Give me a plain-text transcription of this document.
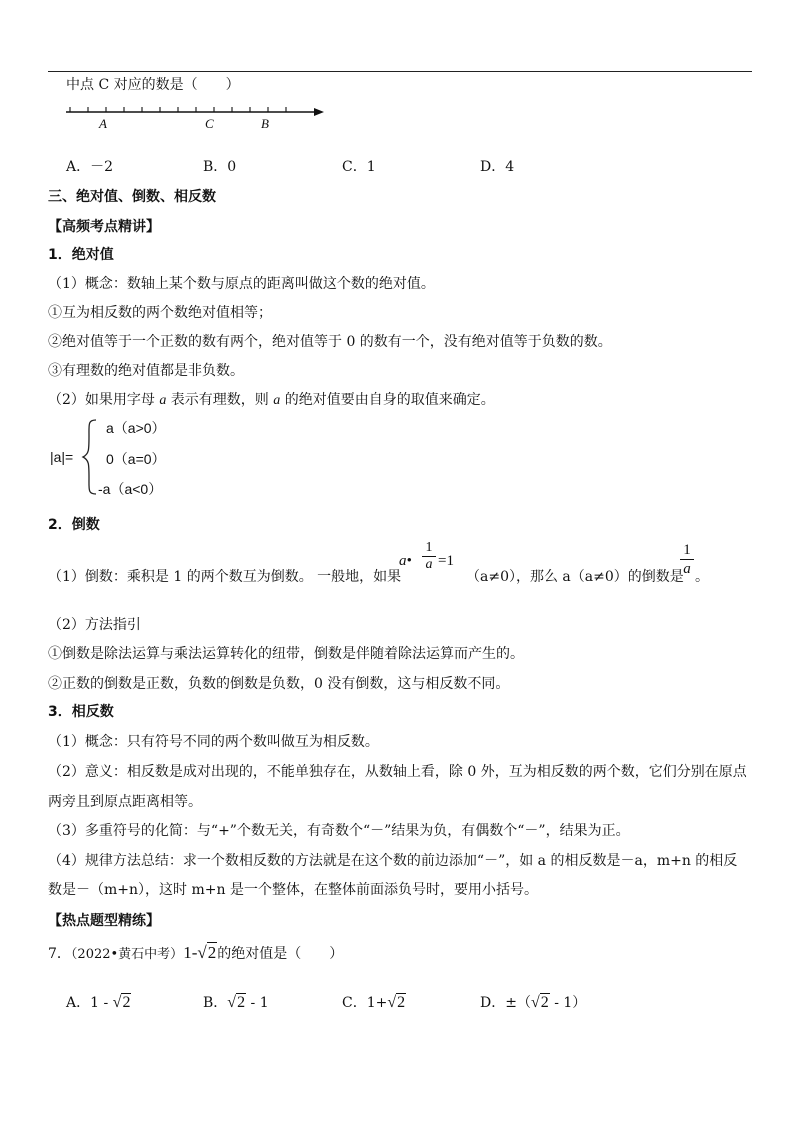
中点 C 对应的数是（　　）
A	C	B
A．－2	B．0	C．1	D．4
三、绝对值、倒数、相反数
【高频考点精讲】
1．绝对值
（1）概念：数轴上某个数与原点的距离叫做这个数的绝对值。
①互为相反数的两个数绝对值相等；
②绝对值等于一个正数的数有两个，绝对值等于 0 的数有一个，没有绝对值等于负数的数。
③有理数的绝对值都是非负数。
（2）如果用字母 a 表示有理数，则 a 的绝对值要由自身的取值来确定。
|a|=
a（a>0）
0（a=0）
-a（a<0）
2．倒数
（1）倒数：乘积是 1 的两个数互为倒数。 一般地，如果
a• $\frac{1}{a} =1$
（a≠0），那么 a（a≠0）的倒数是
$\frac{1}{a}$ 。
（2）方法指引
①倒数是除法运算与乘法运算转化的纽带，倒数是伴随着除法运算而产生的。
②正数的倒数是正数，负数的倒数是负数，0 没有倒数，这与相反数不同。
3．相反数
（1）概念：只有符号不同的两个数叫做互为相反数。
（2）意义：相反数是成对出现的，不能单独存在，从数轴上看，除 0 外，互为相反数的两个数，它们分别在原点
两旁且到原点距离相等。
（3）多重符号的化简：与“+”个数无关，有奇数个“－”结果为负，有偶数个“－”，结果为正。
（4）规律方法总结：求一个数相反数的方法就是在这个数的前边添加“－”，如 a 的相反数是－a，m+n 的相反
数是－（m+n），这时 m+n 是一个整体，在整体前面添负号时，要用小括号。
【热点题型精练】
7．（2022•黄石中考）1-√2的绝对值是（　　）
A．1 - √2	B．√2 - 1	C．1+√2	D．±（√2 - 1）
